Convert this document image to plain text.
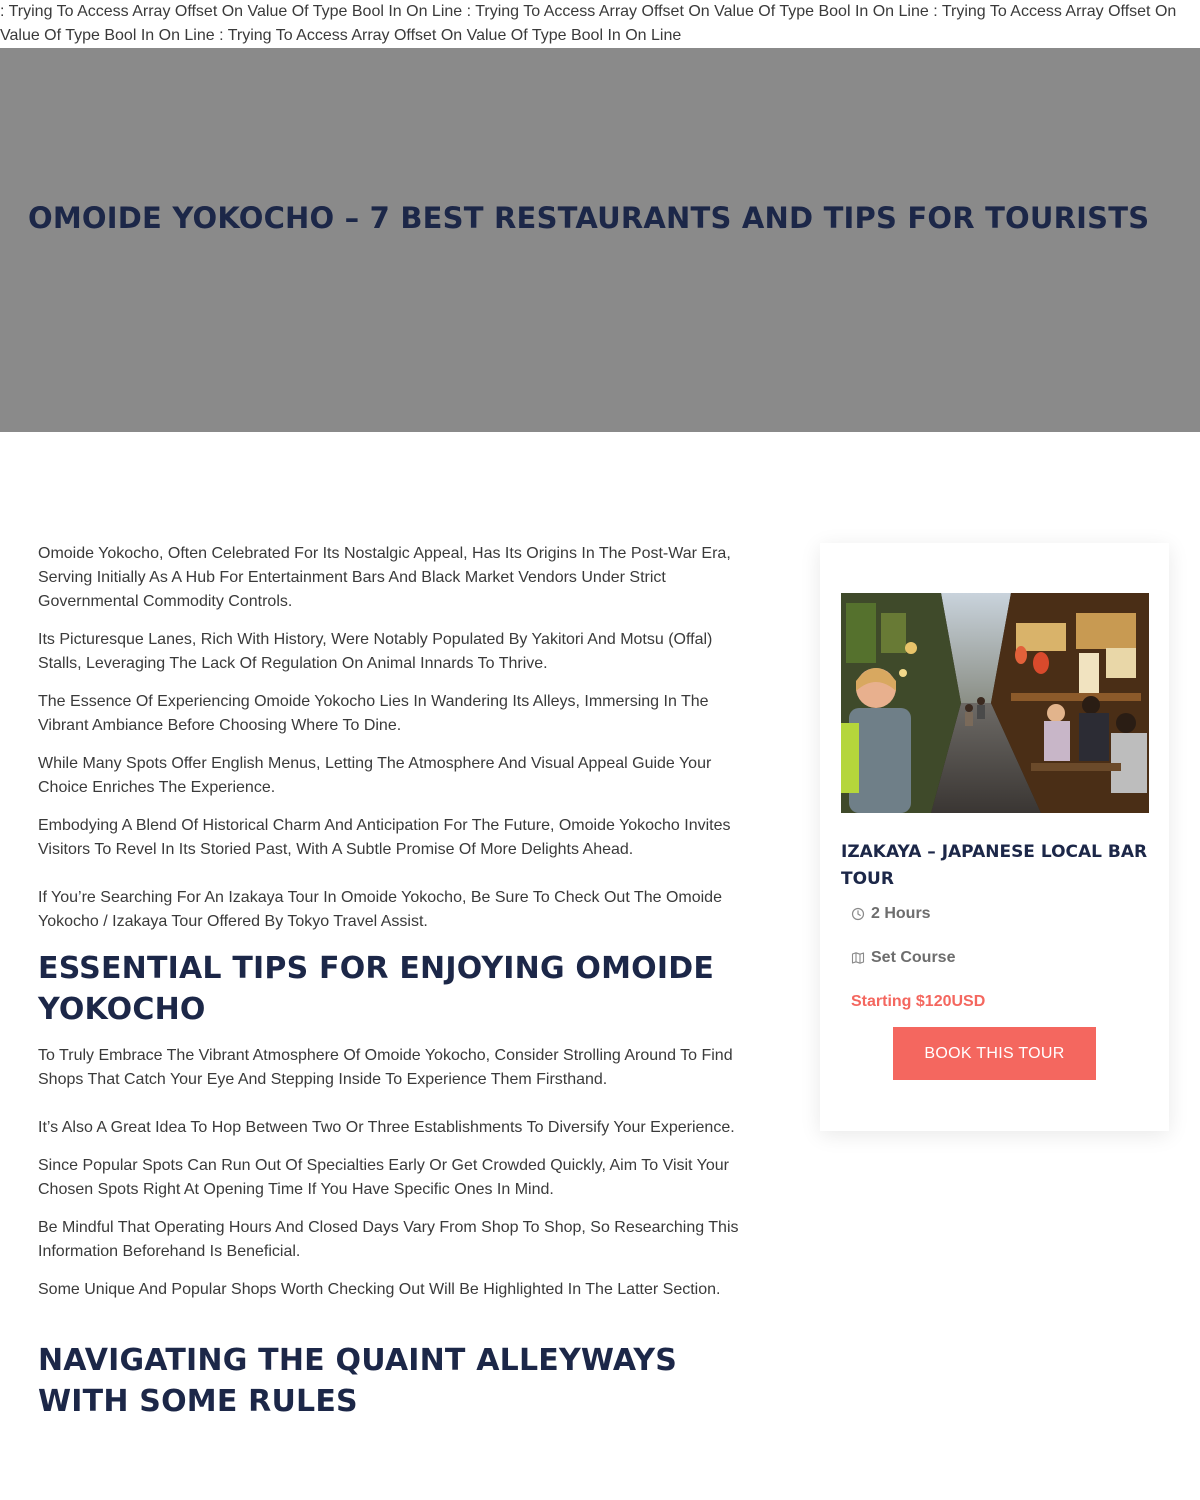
: Trying To Access Array Offset On Value Of Type Bool In On Line : Trying To Access Array Offset On Value Of Type Bool In On Line : Trying To Access Array Offset On Value Of Type Bool In On Line : Trying To Access Array Offset On Value Of Type Bool In On Line
OMOIDE YOKOCHO – 7 BEST RESTAURANTS AND TIPS FOR TOURISTS

Omoide Yokocho, Often Celebrated For Its Nostalgic Appeal, Has Its Origins In The Post-War Era, Serving Initially As A Hub For Entertainment Bars And Black Market Vendors Under Strict Governmental Commodity Controls.

Its Picturesque Lanes, Rich With History, Were Notably Populated By Yakitori And Motsu (Offal) Stalls, Leveraging The Lack Of Regulation On Animal Innards To Thrive.

The Essence Of Experiencing Omoide Yokocho Lies In Wandering Its Alleys, Immersing In The Vibrant Ambiance Before Choosing Where To Dine.

While Many Spots Offer English Menus, Letting The Atmosphere And Visual Appeal Guide Your Choice Enriches The Experience.

Embodying A Blend Of Historical Charm And Anticipation For The Future, Omoide Yokocho Invites Visitors To Revel In Its Storied Past, With A Subtle Promise Of More Delights Ahead.

If You’re Searching For An Izakaya Tour In Omoide Yokocho, Be Sure To Check Out The Omoide Yokocho / Izakaya Tour Offered By Tokyo Travel Assist.

ESSENTIAL TIPS FOR ENJOYING OMOIDE YOKOCHO

To Truly Embrace The Vibrant Atmosphere Of Omoide Yokocho, Consider Strolling Around To Find Shops That Catch Your Eye And Stepping Inside To Experience Them Firsthand.

It’s Also A Great Idea To Hop Between Two Or Three Establishments To Diversify Your Experience.

Since Popular Spots Can Run Out Of Specialties Early Or Get Crowded Quickly, Aim To Visit Your Chosen Spots Right At Opening Time If You Have Specific Ones In Mind.

Be Mindful That Operating Hours And Closed Days Vary From Shop To Shop, So Researching This Information Beforehand Is Beneficial.

Some Unique And Popular Shops Worth Checking Out Will Be Highlighted In The Latter Section.

NAVIGATING THE QUAINT ALLEYWAYS WITH SOME RULES
IZAKAYA – JAPANESE LOCAL BAR TOUR
2 Hours
Set Course
Starting $120USD
BOOK THIS TOUR
